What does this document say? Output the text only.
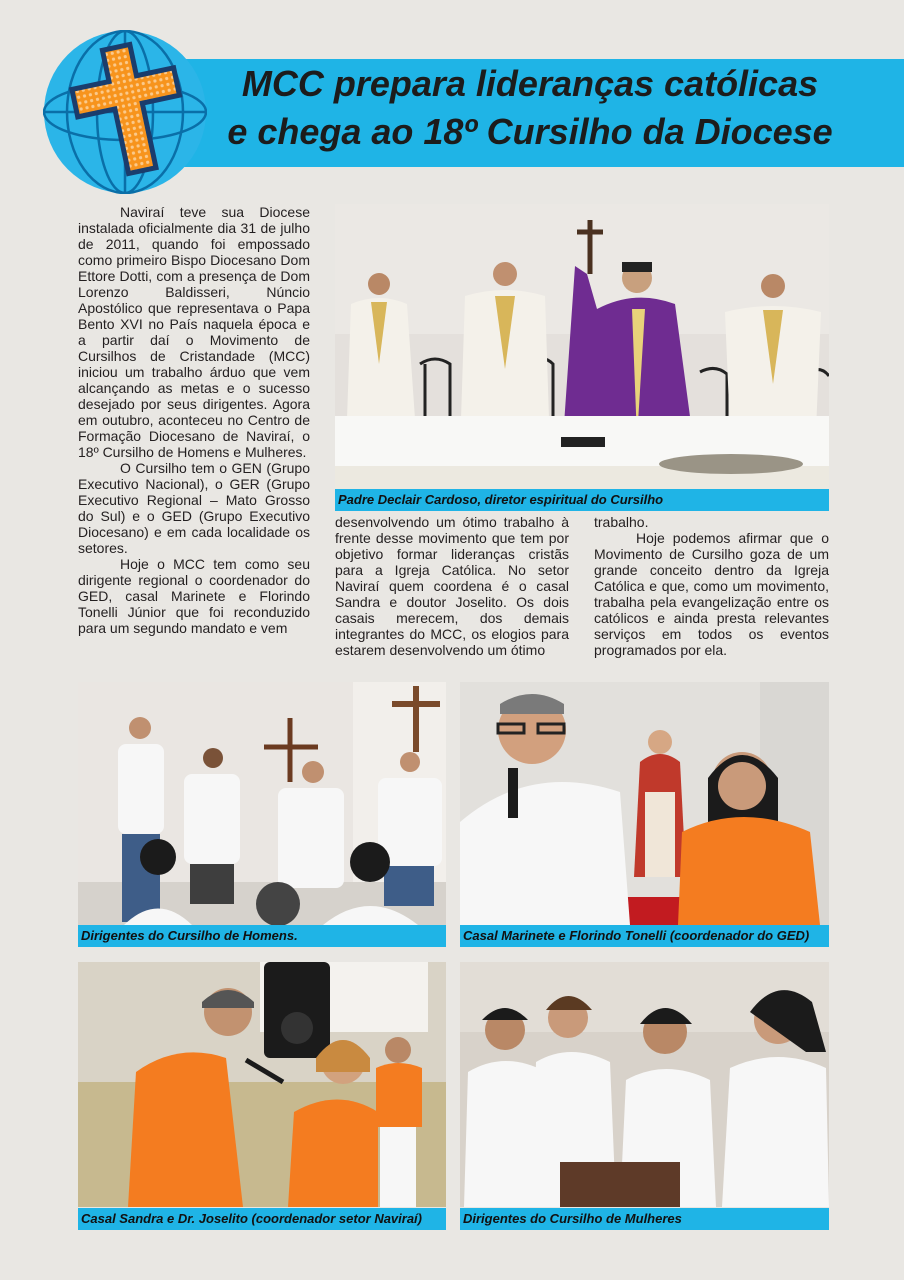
MCC prepara lideranças católicas
e chega ao 18º Cursilho da Diocese

Naviraí teve sua Diocese instalada oficialmente dia 31 de julho de 2011, quando foi empossado como primeiro Bispo Diocesano Dom Ettore Dotti, com a presença de Dom Lorenzo Baldisseri, Núncio Apostólico que representava o Papa Bento XVI no País naquela época e a partir daí o Movimento de Cursilhos de Cristandade (MCC) iniciou um trabalho árduo que vem alcançando as metas e o sucesso desejado por seus dirigentes. Agora em outubro, aconteceu no Centro de Formação Diocesano de Naviraí, o 18º Cursilho de Homens e Mulheres.

O Cursilho tem o GEN (Grupo Executivo Nacional), o GER (Grupo Executivo Regional – Mato Grosso do Sul) e o GED (Grupo Executivo Diocesano) e em cada localidade os setores.

Hoje o MCC tem como seu dirigente regional o coordenador do GED, casal Marinete e Florindo Tonelli Júnior que foi reconduzido para um segundo mandato e vem

Padre Declair Cardoso, diretor espiritual do Cursilho

desenvolvendo um ótimo trabalho à frente desse movimento que tem por objetivo formar lideranças cristãs para a Igreja Católica. No setor Naviraí quem coordena é o casal Sandra e doutor Joselito. Os dois casais merecem, dos demais integrantes do MCC, os elogios para estarem desenvolvendo um ótimo

trabalho.

Hoje podemos afirmar que o Movimento de Cursilho goza de um grande conceito dentro da Igreja Católica e que, como um movimento, trabalha pela evangelização entre os católicos e ainda presta relevantes serviços em todos os eventos programados por ela.

Dirigentes do Cursilho de Homens.	Casal Marinete e Florindo Tonelli (coordenador do GED)
Casal Sandra e Dr. Joselito (coordenador setor Naviraí)	Dirigentes do Cursilho de Mulheres
